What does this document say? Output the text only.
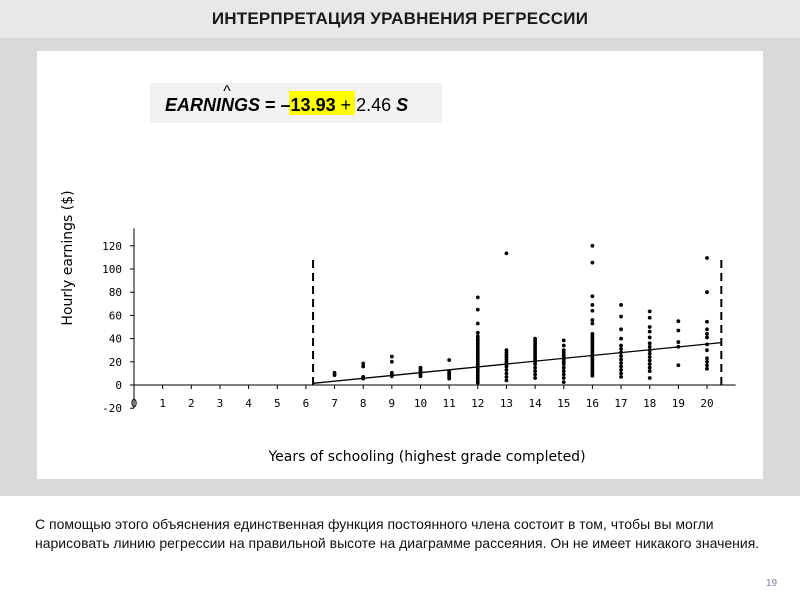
ИНТЕРПРЕТАЦИЯ УРАВНЕНИЯ РЕГРЕССИИ
-20
0
20
40
60
80
100
120
0 1 2 3 4 5 6 7 8 9 10 11 12 13 14 15 16 17 18 19 20
^
EARNINGS = –13.93 + 2.46 S
Years of schooling (highest grade completed)
Hourly earnings ($)
С помощью этого объяснения единственная функция постоянного члена состоит в том, чтобы вы могли нарисовать линию регрессии на правильной высоте на диаграмме рассеяния. Он не имеет никакого значения.
19
